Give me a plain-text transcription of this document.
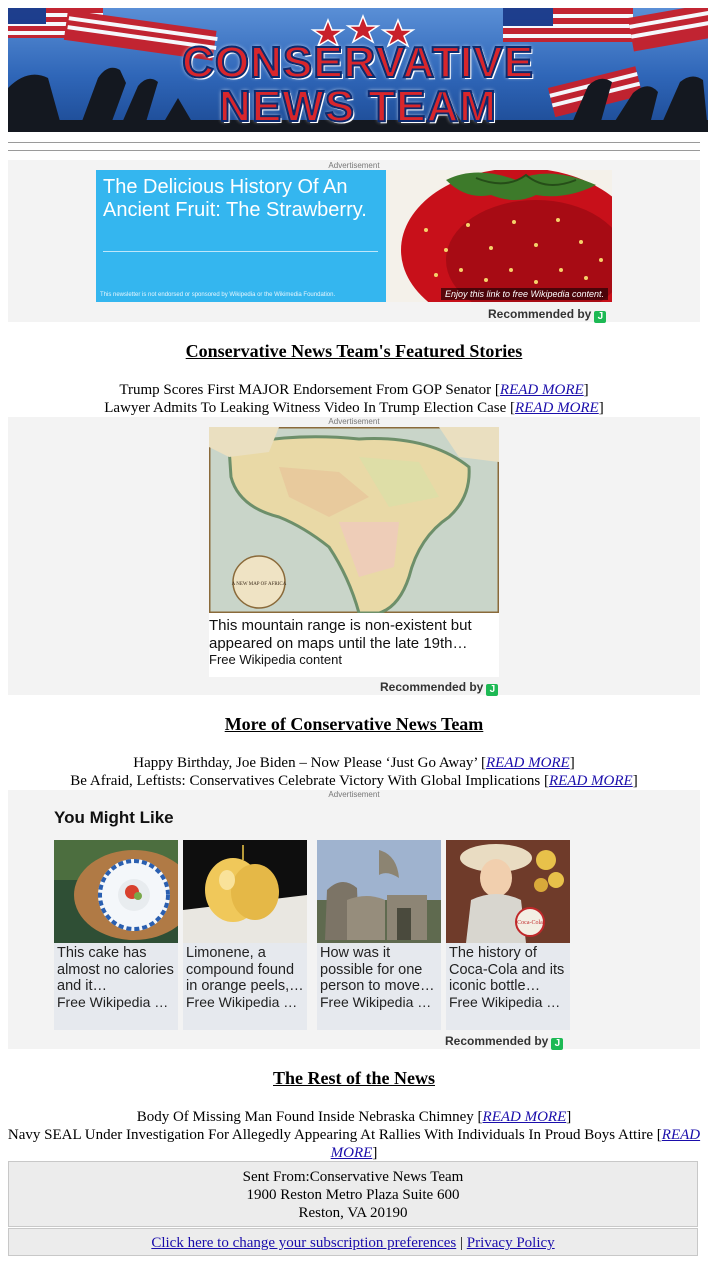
CONSERVATIVE
NEWS TEAM
Advertisement
The Delicious History Of An Ancient Fruit: The Strawberry.
This newsletter is not endorsed or sponsored by Wikipedia or the Wikimedia Foundation.	Enjoy this link to free Wikipedia content.
Recommended by J
Conservative News Team's Featured Stories
Trump Scores First MAJOR Endorsement From GOP Senator [READ MORE]
Lawyer Admits To Leaking Witness Video In Trump Election Case [READ MORE]
Advertisement
A NEW MAP OF AFRICA
This mountain range is non-existent but appeared on maps until the late 19th…
Free Wikipedia content
Recommended by J
More of Conservative News Team
Happy Birthday, Joe Biden – Now Please ‘Just Go Away’ [READ MORE]
Be Afraid, Leftists: Conservatives Celebrate Victory With Global Implications [READ MORE]
Advertisement
You Might Like
This cake has almost no calories and it…
Free Wikipedia c…
Limonene, a compound found in orange peels,…
Free Wikipedia c…
How was it possible for one person to move…
Free Wikipedia c…
Coca-Cola
The history of Coca-Cola and its iconic bottle…
Free Wikipedia c…
Recommended by J
The Rest of the News
Body Of Missing Man Found Inside Nebraska Chimney [READ MORE]
Navy SEAL Under Investigation For Allegedly Appearing At Rallies With Individuals In Proud Boys Attire [READ MORE]
Sent From:Conservative News Team
1900 Reston Metro Plaza Suite 600
Reston, VA 20190
Click here to change your subscription preferences | Privacy Policy
